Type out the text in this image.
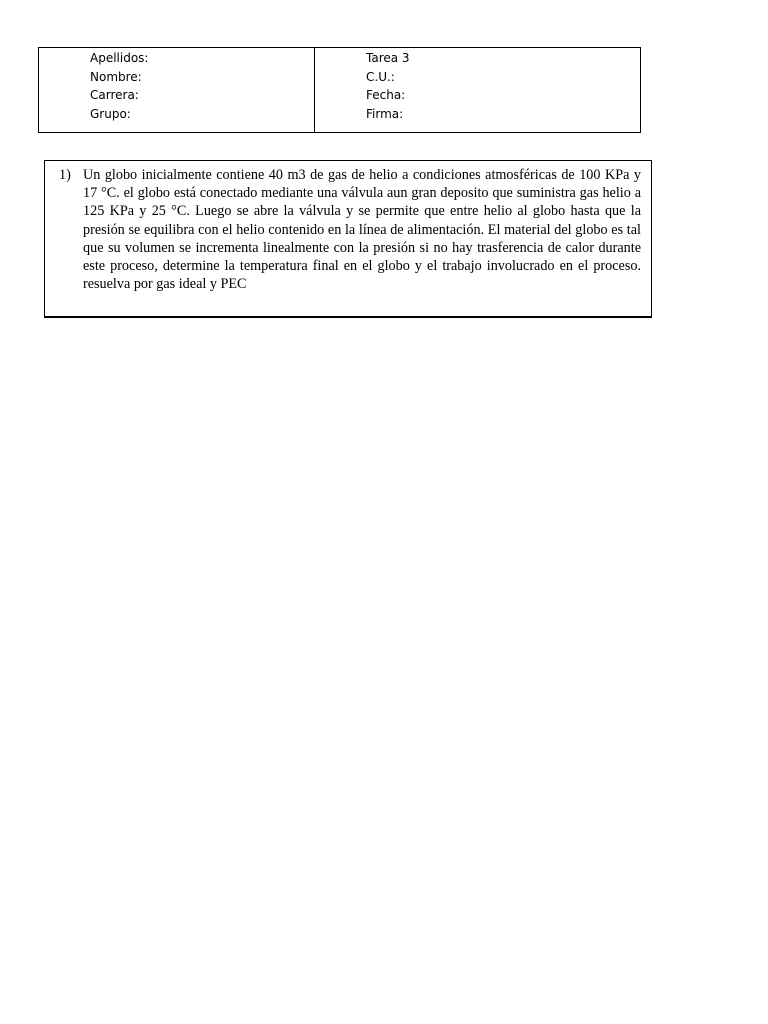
Apellidos:
Nombre:
Carrera:
Grupo:
Tarea 3
C.U.:
Fecha:
Firma:
1) Un globo inicialmente contiene 40 m3 de gas de helio a condiciones atmosféricas de 100 KPa y 17 °C. el globo está conectado mediante una válvula aun gran deposito que suministra gas helio a 125 KPa y 25 °C. Luego se abre la válvula y se permite que entre helio al globo hasta que la presión se equilibra con el helio contenido en la línea de alimentación. El material del globo es tal que su volumen se incrementa linealmente con la presión si no hay trasferencia de calor durante este proceso, determine la temperatura final en el globo y el trabajo involucrado en el proceso. resuelva por gas ideal y PEC
